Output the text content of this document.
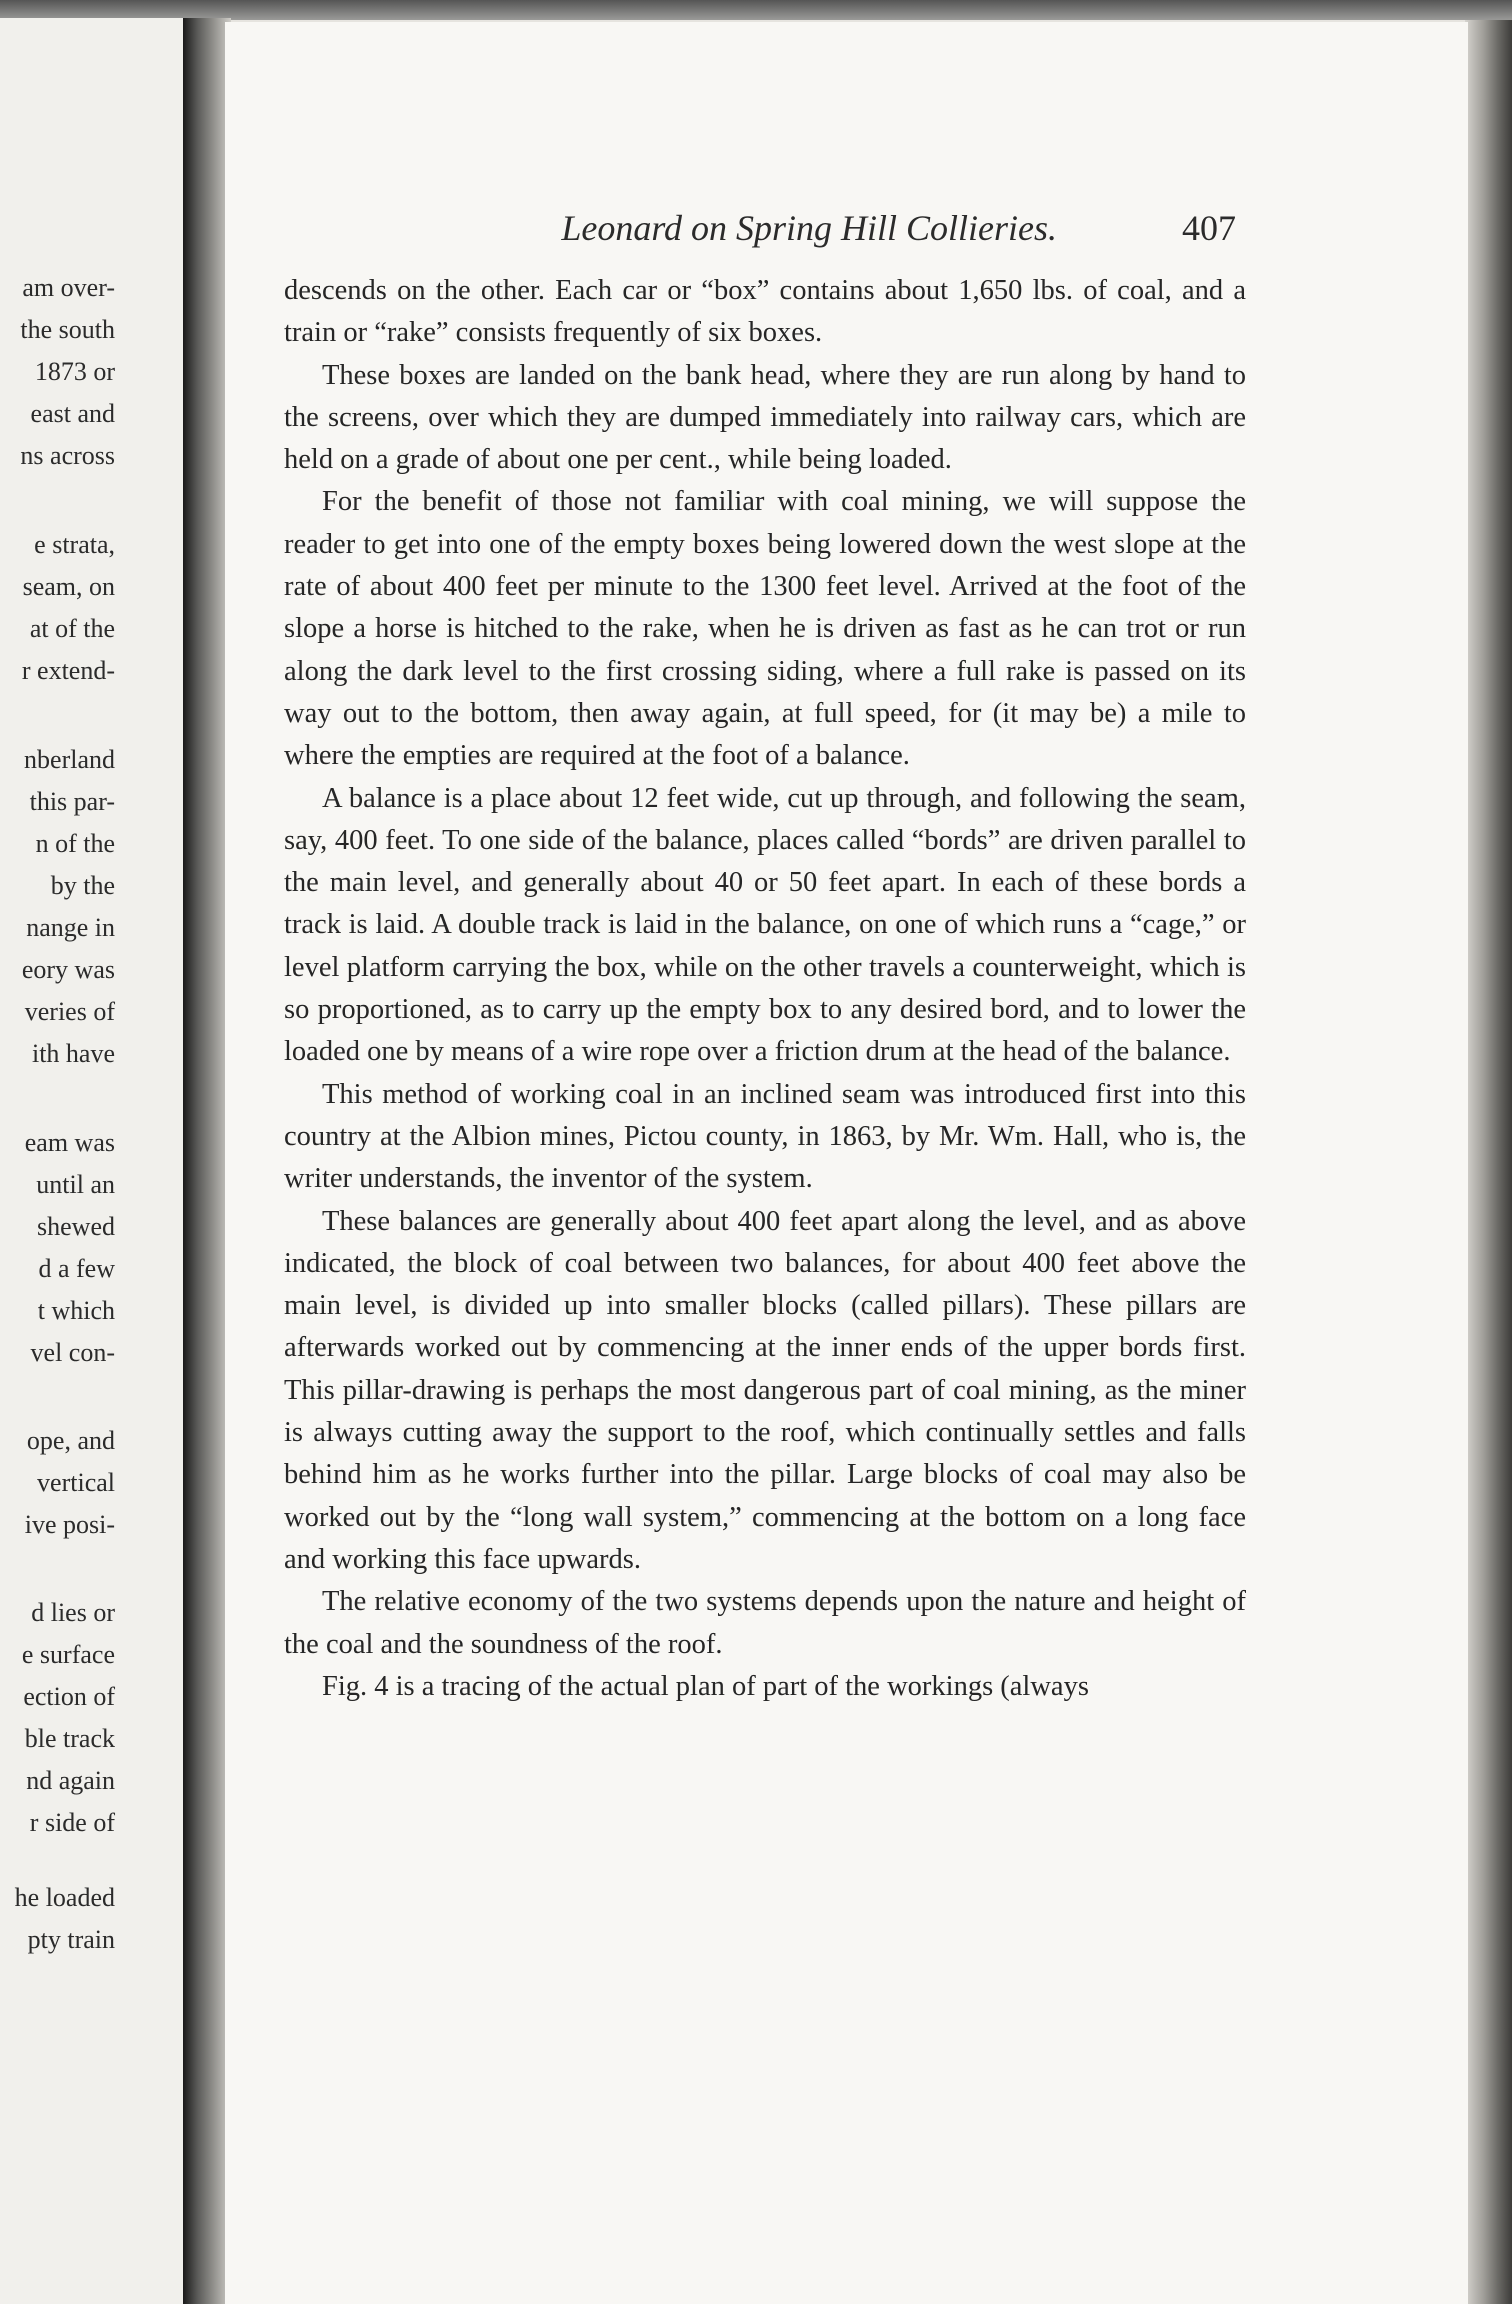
am over-
the south
1873 or
east and
ns across
e strata,
seam, on
at of the
r extend-
nberland
this par-
n of the
by the
nange in
eory was
veries of
ith have
eam was
until an
shewed
d a few
t which
vel con-
ope, and
vertical
ive posi-
d lies or
e surface
ection of
ble track
nd again
r side of
he loaded
pty train
Leonard on Spring Hill Collieries.	407

descends on the other. Each car or “box” contains about 1,650 lbs. of coal, and a train or “rake” consists frequently of six boxes.

These boxes are landed on the bank head, where they are run along by hand to the screens, over which they are dumped immediately into railway cars, which are held on a grade of about one per cent., while being loaded.

For the benefit of those not familiar with coal mining, we will suppose the reader to get into one of the empty boxes being lowered down the west slope at the rate of about 400 feet per minute to the 1300 feet level. Arrived at the foot of the slope a horse is hitched to the rake, when he is driven as fast as he can trot or run along the dark level to the first crossing siding, where a full rake is passed on its way out to the bottom, then away again, at full speed, for (it may be) a mile to where the empties are required at the foot of a balance.

A balance is a place about 12 feet wide, cut up through, and following the seam, say, 400 feet. To one side of the balance, places called “bords” are driven parallel to the main level, and generally about 40 or 50 feet apart. In each of these bords a track is laid. A double track is laid in the balance, on one of which runs a “cage,” or level platform carrying the box, while on the other travels a counterweight, which is so proportioned, as to carry up the empty box to any desired bord, and to lower the loaded one by means of a wire rope over a friction drum at the head of the balance.

This method of working coal in an inclined seam was introduced first into this country at the Albion mines, Pictou county, in 1863, by Mr. Wm. Hall, who is, the writer understands, the inventor of the system.

These balances are generally about 400 feet apart along the level, and as above indicated, the block of coal between two balances, for about 400 feet above the main level, is divided up into smaller blocks (called pillars). These pillars are afterwards worked out by commencing at the inner ends of the upper bords first. This pillar-drawing is perhaps the most dangerous part of coal mining, as the miner is always cutting away the support to the roof, which continually settles and falls behind him as he works further into the pillar. Large blocks of coal may also be worked out by the “long wall system,” commencing at the bottom on a long face and working this face upwards.

The relative economy of the two systems depends upon the nature and height of the coal and the soundness of the roof.

Fig. 4 is a tracing of the actual plan of part of the workings (always
